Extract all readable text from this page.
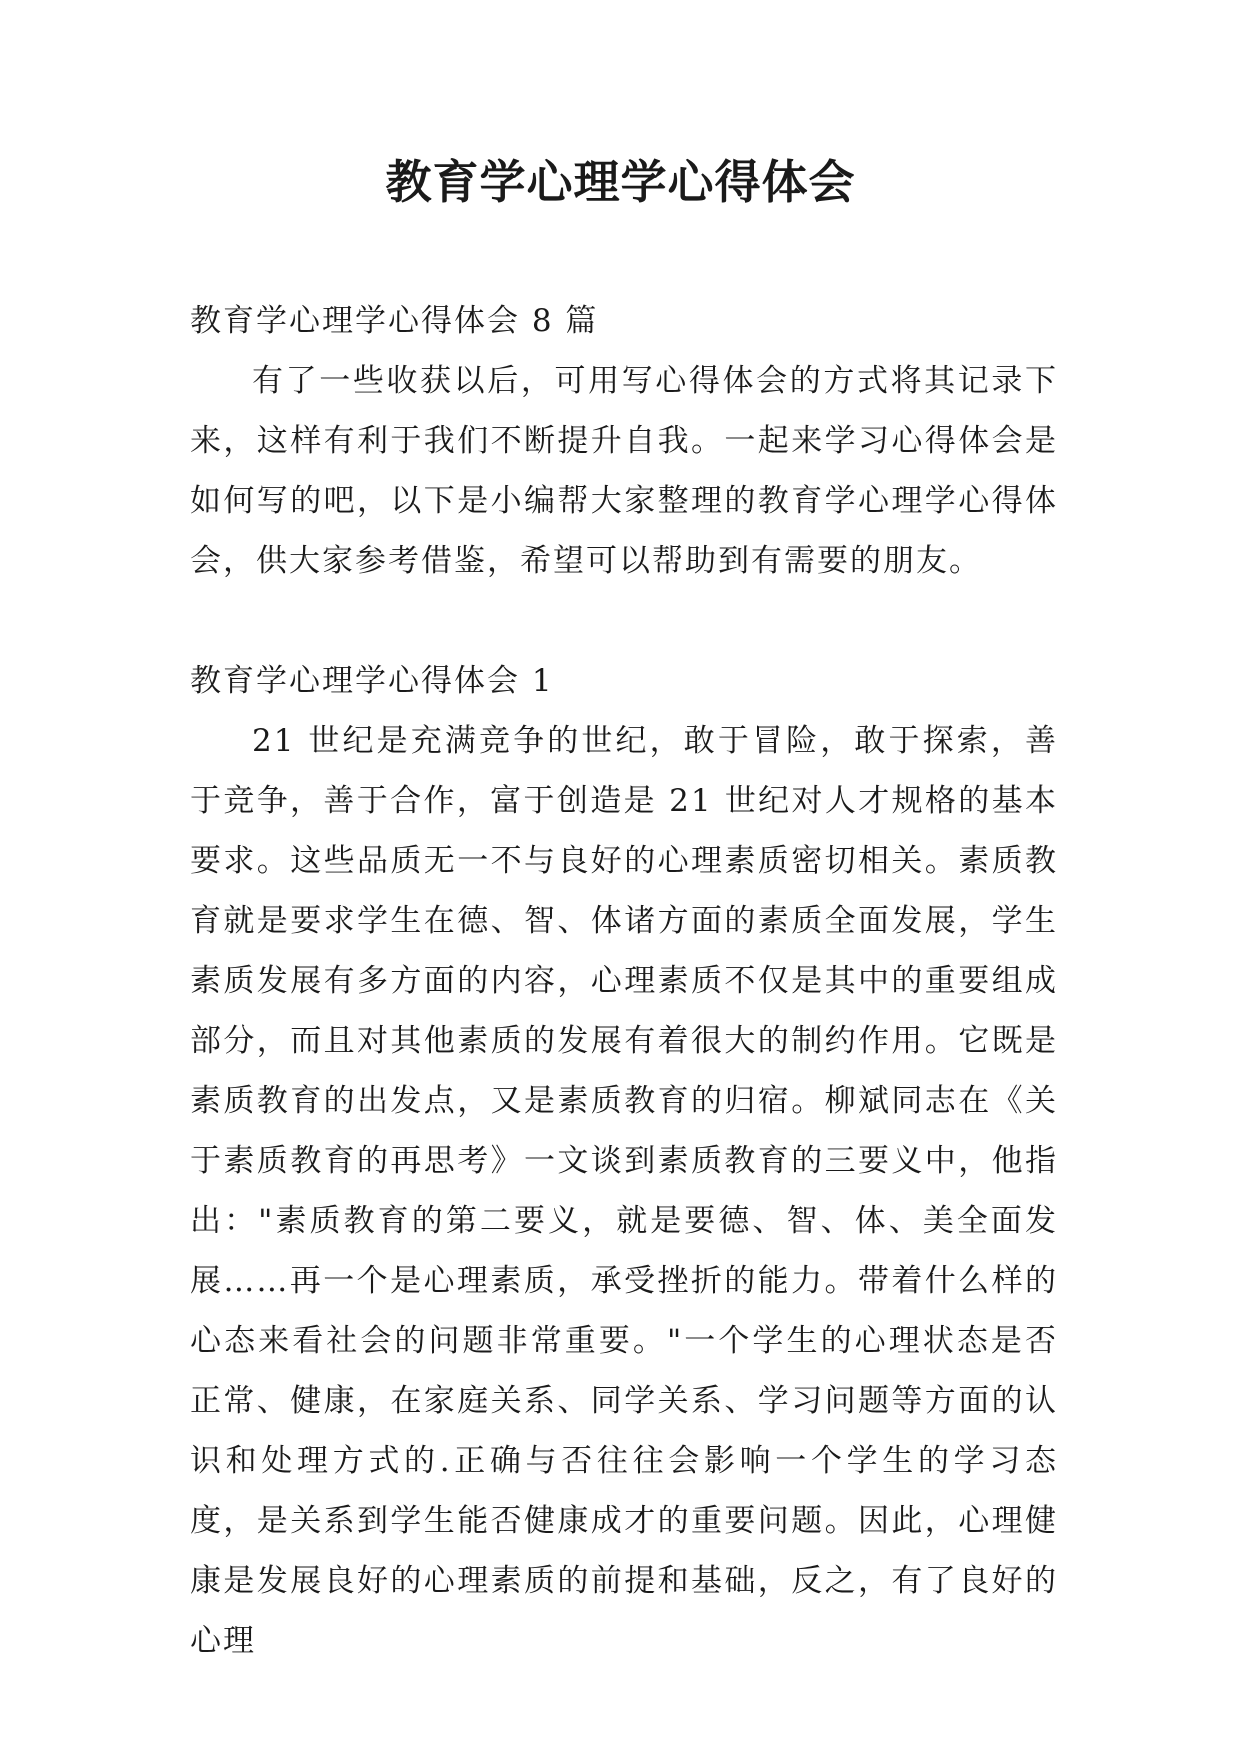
教育学心理学心得体会

教育学心理学心得体会 8 篇

有了一些收获以后，可用写心得体会的方式将其记录下来，这样有利于我们不断提升自我。一起来学习心得体会是如何写的吧，以下是小编帮大家整理的教育学心理学心得体会，供大家参考借鉴，希望可以帮助到有需要的朋友。

教育学心理学心得体会 1

21 世纪是充满竞争的世纪，敢于冒险，敢于探索，善于竞争，善于合作，富于创造是 21 世纪对人才规格的基本要求。这些品质无一不与良好的心理素质密切相关。素质教育就是要求学生在德、智、体诸方面的素质全面发展，学生素质发展有多方面的内容，心理素质不仅是其中的重要组成部分，而且对其他素质的发展有着很大的制约作用。它既是素质教育的出发点，又是素质教育的归宿。柳斌同志在《关于素质教育的再思考》一文谈到素质教育的三要义中，他指出："素质教育的第二要义，就是要德、智、体、美全面发展……再一个是心理素质，承受挫折的能力。带着什么样的心态来看社会的问题非常重要。"一个学生的心理状态是否正常、健康，在家庭关系、同学关系、学习问题等方面的认识和处理方式的.正确与否往往会影响一个学生的学习态度，是关系到学生能否健康成才的重要问题。因此，心理健康是发展良好的心理素质的前提和基础，反之，有了良好的心理
